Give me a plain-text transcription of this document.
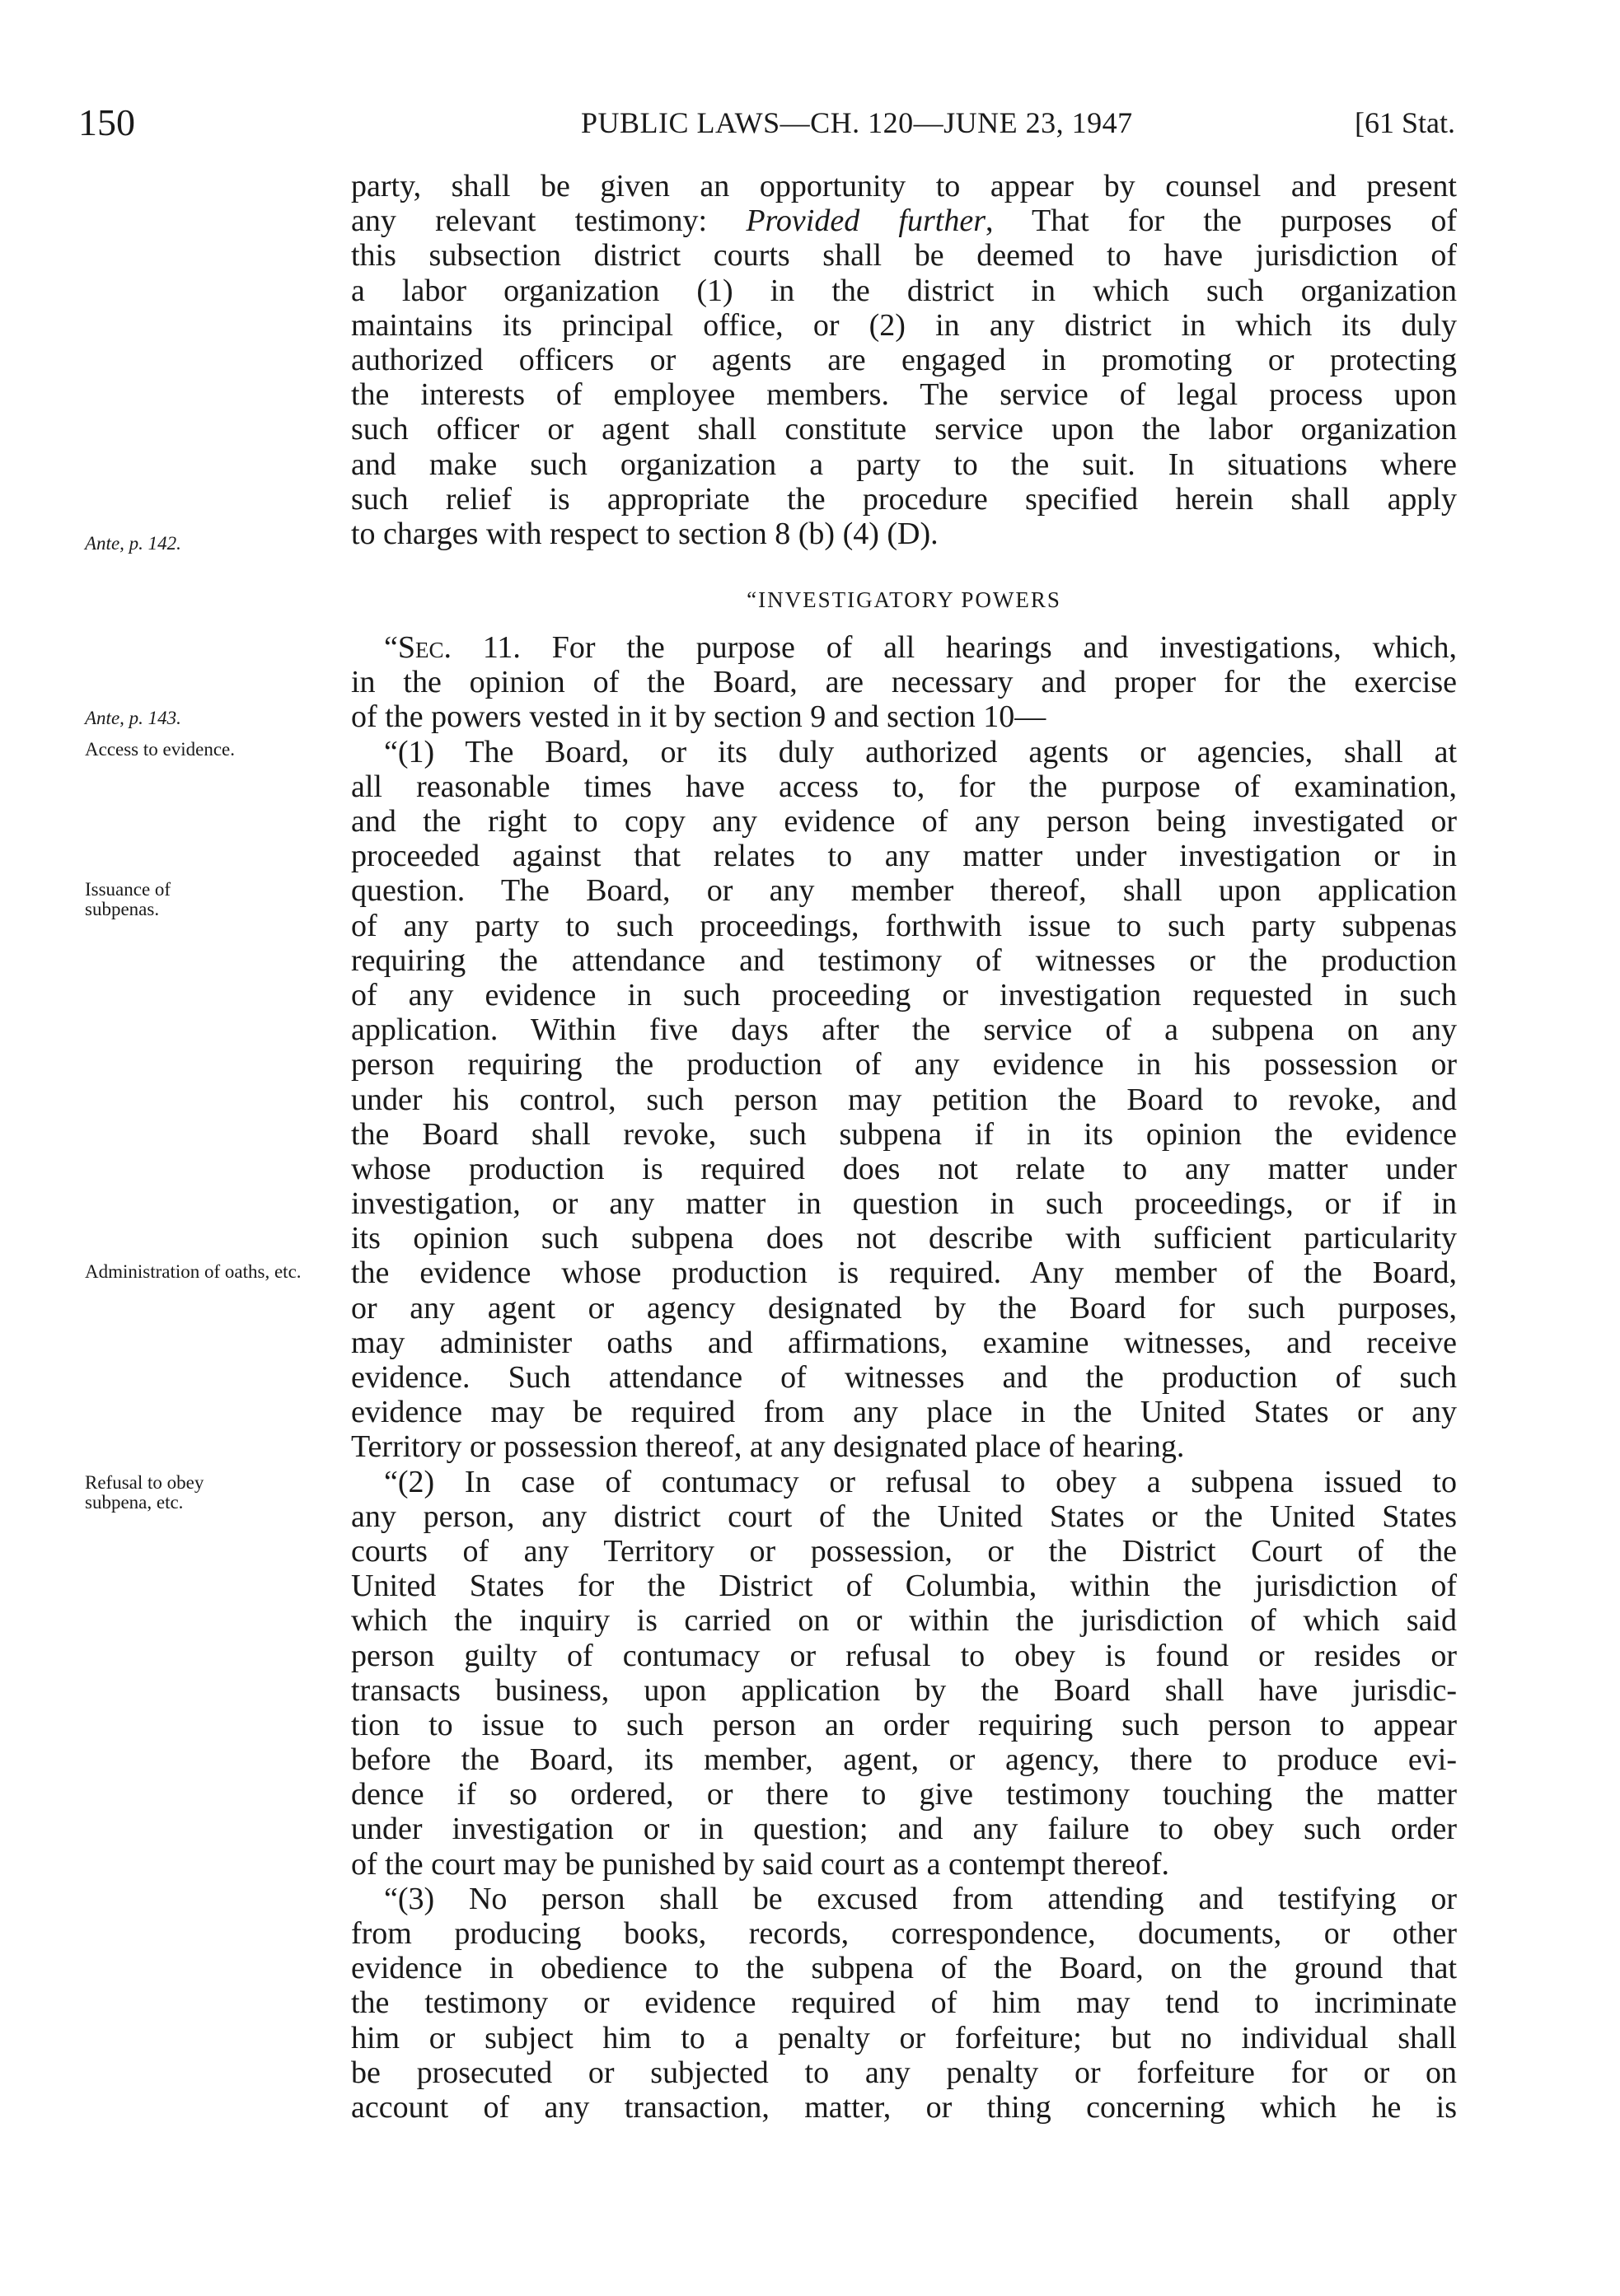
150	PUBLIC LAWS—CH. 120—JUNE 23, 1947	[61 Stat.
Ante, p. 142.
Ante, p. 143.
Access to evidence.
Issuance of subpenas.
Administration of oaths, etc.
Refusal to obey subpena, etc.
party, shall be given an opportunity to appear by counsel and present
any relevant testimony: Provided further, That for the purposes of
this subsection district courts shall be deemed to have jurisdiction of
a labor organization (1) in the district in which such organization
maintains its principal office, or (2) in any district in which its duly
authorized officers or agents are engaged in promoting or protecting
the interests of employee members. The service of legal process upon
such officer or agent shall constitute service upon the labor organization
and make such organization a party to the suit. In situations where
such relief is appropriate the procedure specified herein shall apply
to charges with respect to section 8 (b) (4) (D).
“INVESTIGATORY POWERS
“Sec. 11. For the purpose of all hearings and investigations, which,
in the opinion of the Board, are necessary and proper for the exercise
of the powers vested in it by section 9 and section 10—
“(1) The Board, or its duly authorized agents or agencies, shall at
all reasonable times have access to, for the purpose of examination,
and the right to copy any evidence of any person being investigated or
proceeded against that relates to any matter under investigation or in
question. The Board, or any member thereof, shall upon application
of any party to such proceedings, forthwith issue to such party subpenas
requiring the attendance and testimony of witnesses or the production
of any evidence in such proceeding or investigation requested in such
application. Within five days after the service of a subpena on any
person requiring the production of any evidence in his possession or
under his control, such person may petition the Board to revoke, and
the Board shall revoke, such subpena if in its opinion the evidence
whose production is required does not relate to any matter under
investigation, or any matter in question in such proceedings, or if in
its opinion such subpena does not describe with sufficient particularity
the evidence whose production is required. Any member of the Board,
or any agent or agency designated by the Board for such purposes,
may administer oaths and affirmations, examine witnesses, and receive
evidence. Such attendance of witnesses and the production of such
evidence may be required from any place in the United States or any
Territory or possession thereof, at any designated place of hearing.
“(2) In case of contumacy or refusal to obey a subpena issued to
any person, any district court of the United States or the United States
courts of any Territory or possession, or the District Court of the
United States for the District of Columbia, within the jurisdiction of
which the inquiry is carried on or within the jurisdiction of which said
person guilty of contumacy or refusal to obey is found or resides or
transacts business, upon application by the Board shall have jurisdic-
tion to issue to such person an order requiring such person to appear
before the Board, its member, agent, or agency, there to produce evi-
dence if so ordered, or there to give testimony touching the matter
under investigation or in question; and any failure to obey such order
of the court may be punished by said court as a contempt thereof.
“(3) No person shall be excused from attending and testifying or
from producing books, records, correspondence, documents, or other
evidence in obedience to the subpena of the Board, on the ground that
the testimony or evidence required of him may tend to incriminate
him or subject him to a penalty or forfeiture; but no individual shall
be prosecuted or subjected to any penalty or forfeiture for or on
account of any transaction, matter, or thing concerning which he is
